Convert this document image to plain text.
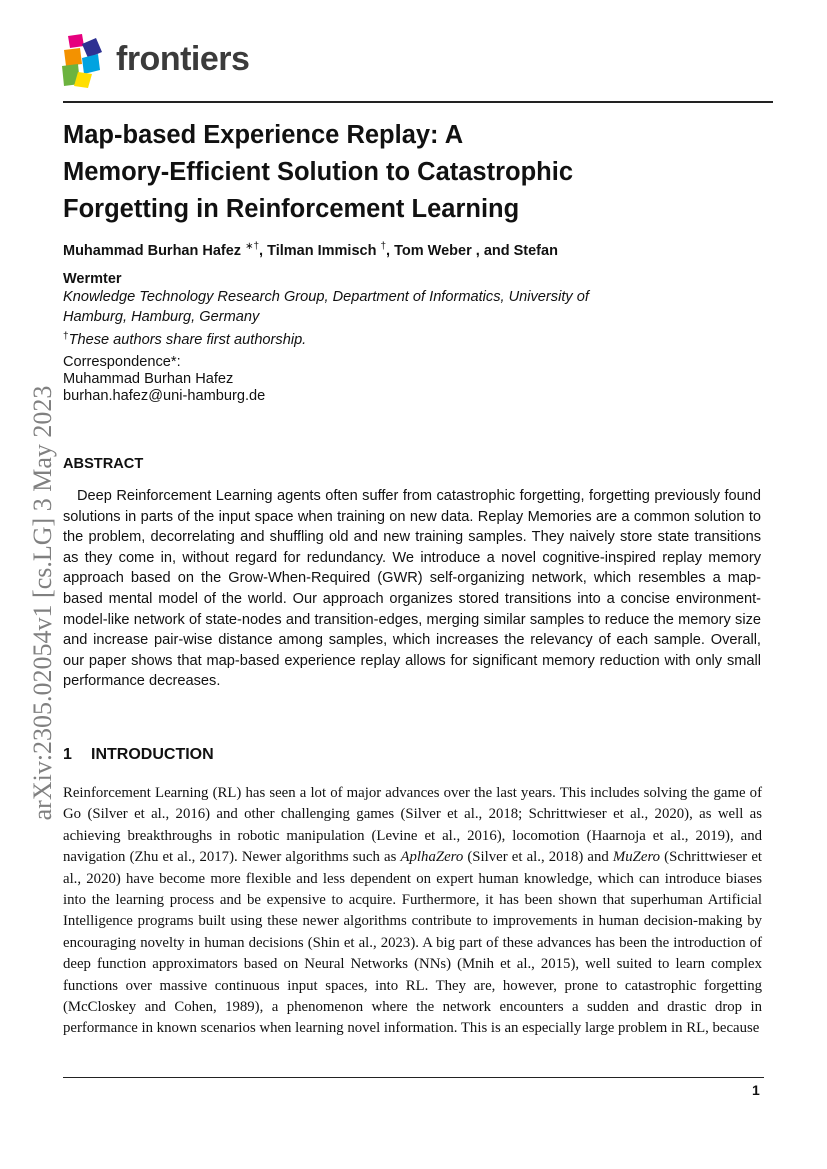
frontiers
Map-based Experience Replay: A
Memory-Efficient Solution to Catastrophic
Forgetting in Reinforcement Learning
Muhammad Burhan Hafez ∗†, Tilman Immisch †, Tom Weber , and Stefan
Wermter
Knowledge Technology Research Group, Department of Informatics, University of
Hamburg, Hamburg, Germany
†These authors share first authorship.
Correspondence*:
Muhammad Burhan Hafez
burhan.hafez@uni-hamburg.de
arXiv:2305.02054v1 [cs.LG] 3 May 2023 ABSTRACT

Deep Reinforcement Learning agents often suffer from catastrophic forgetting, forgetting previously found solutions in parts of the input space when training on new data. Replay Memories are a common solution to the problem, decorrelating and shuffling old and new training samples. They naively store state transitions as they come in, without regard for redundancy. We introduce a novel cognitive-inspired replay memory approach based on the Grow-When-Required (GWR) self-organizing network, which resembles a map-based mental model of the world. Our approach organizes stored transitions into a concise environment-model-like network of state-nodes and transition-edges, merging similar samples to reduce the memory size and increase pair-wise distance among samples, which increases the relevancy of each sample. Overall, our paper shows that map-based experience replay allows for significant memory reduction with only small performance decreases.

1 INTRODUCTION

Reinforcement Learning (RL) has seen a lot of major advances over the last years. This includes solving the game of Go (Silver et al., 2016) and other challenging games (Silver et al., 2018; Schrittwieser et al., 2020), as well as achieving breakthroughs in robotic manipulation (Levine et al., 2016), locomotion (Haarnoja et al., 2019), and navigation (Zhu et al., 2017). Newer algorithms such as AplhaZero (Silver et al., 2018) and MuZero (Schrittwieser et al., 2020) have become more flexible and less dependent on expert human knowledge, which can introduce biases into the learning process and be expensive to acquire. Furthermore, it has been shown that superhuman Artificial Intelligence programs built using these newer algorithms contribute to improvements in human decision-making by encouraging novelty in human decisions (Shin et al., 2023). A big part of these advances has been the introduction of deep function approximators based on Neural Networks (NNs) (Mnih et al., 2015), well suited to learn complex functions over massive continuous input spaces, into RL. They are, however, prone to catastrophic forgetting (McCloskey and Cohen, 1989), a phenomenon where the network encounters a sudden and drastic drop in performance in known scenarios when learning novel information. This is an especially large problem in RL, because

1
